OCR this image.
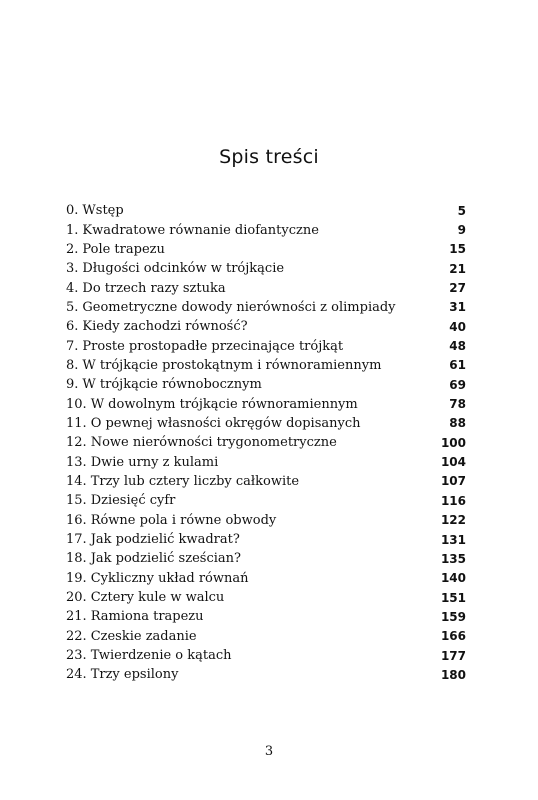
Spis treści
0. Wstęp	5
1. Kwadratowe równanie diofantyczne	9
2. Pole trapezu	15
3. Długości odcinków w trójkącie	21
4. Do trzech razy sztuka	27
5. Geometryczne dowody nierówności z olimpiady	31
6. Kiedy zachodzi równość?	40
7. Proste prostopadłe przecinające trójkąt	48
8. W trójkącie prostokątnym i równoramiennym	61
9. W trójkącie równobocznym	69
10. W dowolnym trójkącie równoramiennym	78
11. O pewnej własności okręgów dopisanych	88
12. Nowe nierówności trygonometryczne	100
13. Dwie urny z kulami	104
14. Trzy lub cztery liczby całkowite	107
15. Dziesięć cyfr	116
16. Równe pola i równe obwody	122
17. Jak podzielić kwadrat?	131
18. Jak podzielić sześcian?	135
19. Cykliczny układ równań	140
20. Cztery kule w walcu	151
21. Ramiona trapezu	159
22. Czeskie zadanie	166
23. Twierdzenie o kątach	177
24. Trzy epsilony	180
3
